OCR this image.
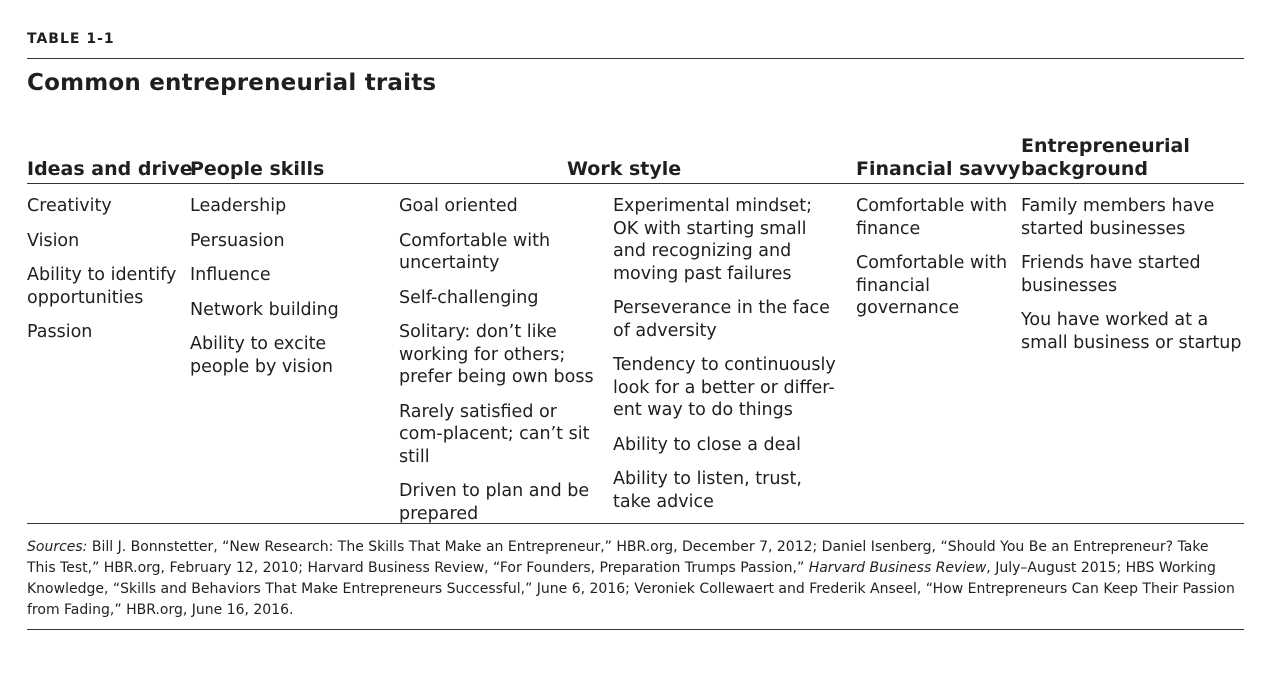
TABLE 1-1
Common entrepreneurial traits
Ideas and drive
People skills	Work style	Financial savvy
Entrepreneurial
background
Creativity
Vision
Ability to identify opportunities
Passion
Leadership
Persuasion
Influence
Network building
Ability to excite people by vision
Goal oriented
Comfortable with uncertainty
Self-challenging
Solitary: don’t like working for others; prefer being own boss
Rarely satisfied or com-placent; can’t sit still
Driven to plan and be prepared
Experimental mindset; OK with starting small and recognizing and moving past failures
Perseverance in the face of adversity
Tendency to continuously look for a better or differ-ent way to do things
Ability to close a deal
Ability to listen, trust, take advice
Comfortable with finance
Comfortable with financial governance
Family members have started businesses
Friends have started businesses
You have worked at a small business or startup
Sources: Bill J. Bonnstetter, “New Research: The Skills That Make an Entrepreneur,” HBR.org, December 7, 2012; Daniel Isenberg, “Should You Be an Entrepreneur? Take This Test,” HBR.org, February 12, 2010; Harvard Business Review, “For Founders, Preparation Trumps Passion,” Harvard Business Review, July–August 2015; HBS Working Knowledge, “Skills and Behaviors That Make Entrepreneurs Successful,” June 6, 2016; Veroniek Collewaert and Frederik Anseel, “How Entrepreneurs Can Keep Their Passion from Fading,” HBR.org, June 16, 2016.
